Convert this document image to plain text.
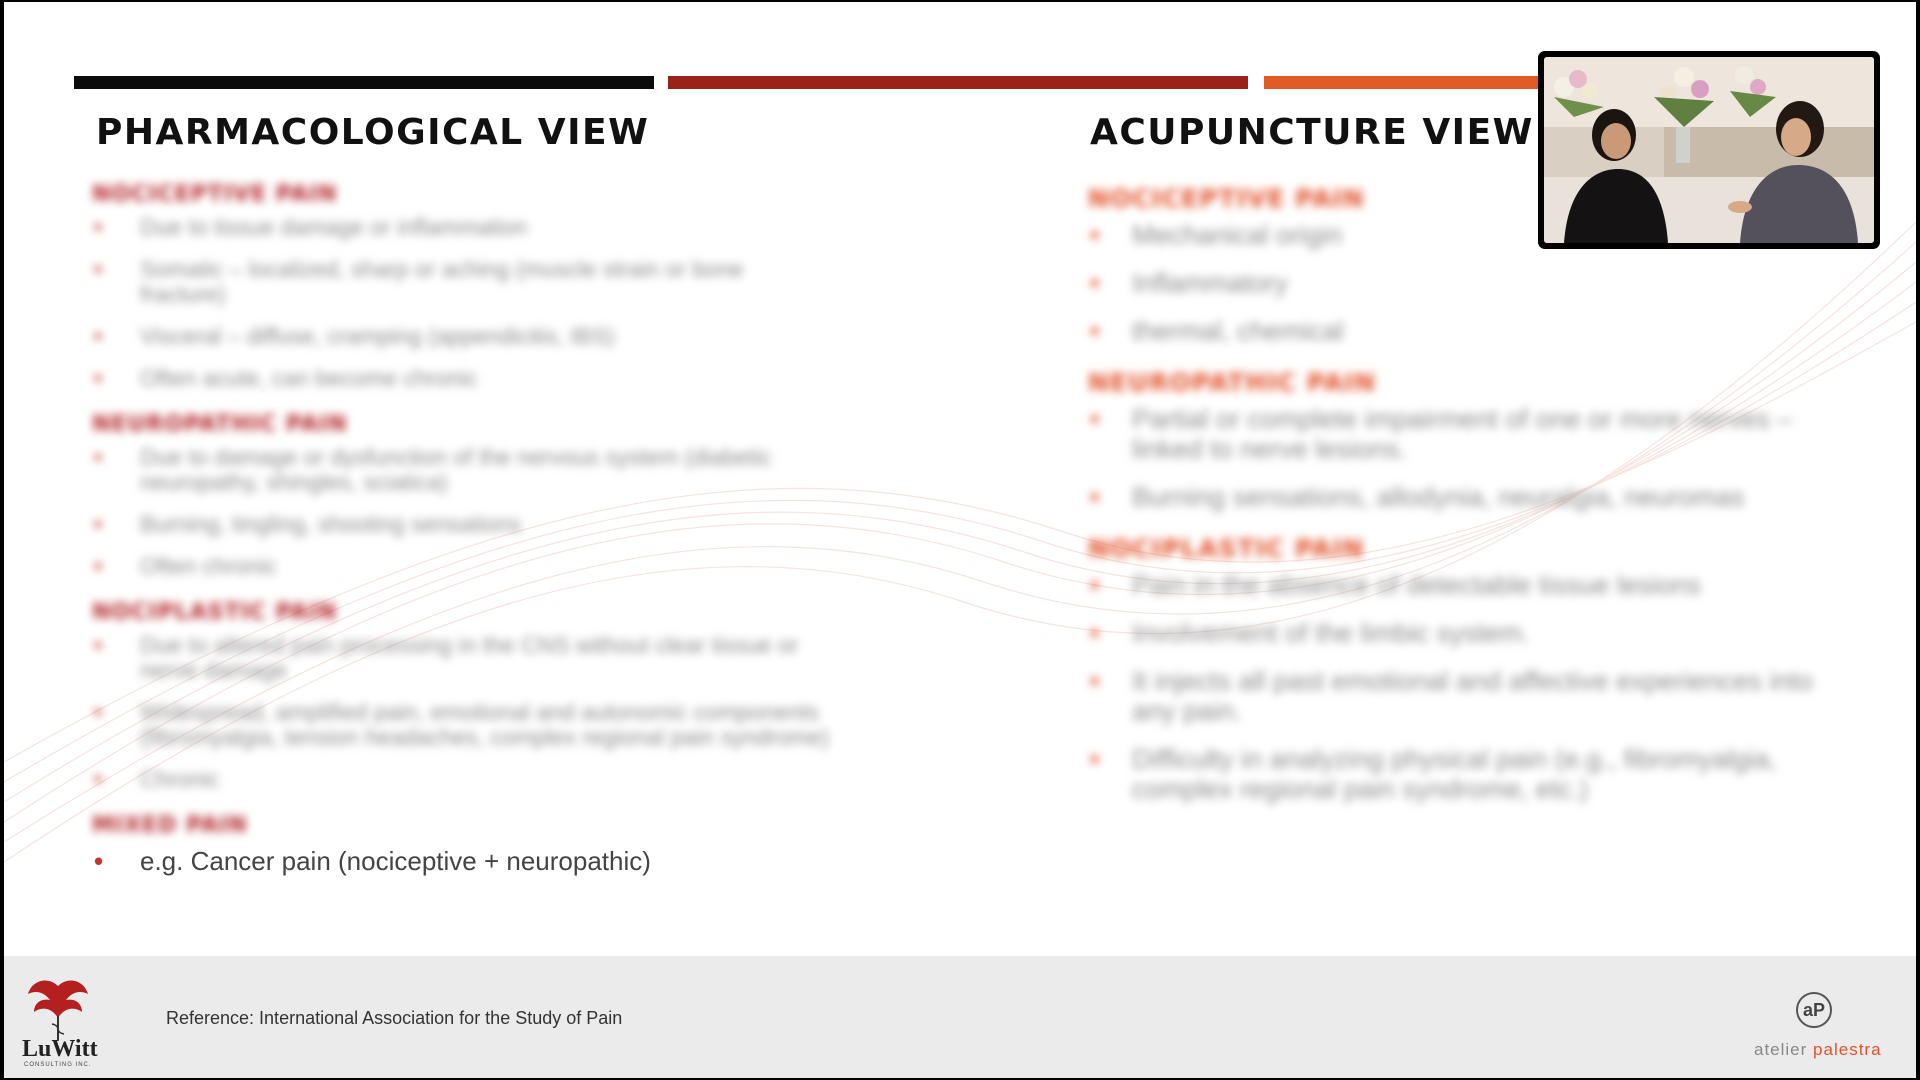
PHARMACOLOGICAL VIEW	ACUPUNCTURE VIEW

NOCICEPTIVE PAIN

• Due to tissue damage or inflammation
• Somatic – localized, sharp or aching (muscle strain or bone fracture)
• Visceral – diffuse, cramping (appendicitis, IBS)
• Often acute, can become chronic

NEUROPATHIC PAIN

• Due to damage or dysfunction of the nervous system (diabetic neuropathy, shingles, sciatica)
• Burning, tingling, shooting sensations
• Often chronic

NOCIPLASTIC PAIN

• Due to altered pain processing in the CNS without clear tissue or nerve damage
• Widespread, amplified pain, emotional and autonomic components (fibromyalgia, tension headaches, complex regional pain syndrome)
• Chronic

MIXED PAIN

• e.g. Cancer pain (nociceptive + neuropathic)

NOCICEPTIVE PAIN

• Mechanical origin
• Inflammatory
• thermal, chemical

NEUROPATHIC PAIN

• Partial or complete impairment of one or more nerves – linked to nerve lesions.
• Burning sensations, allodynia, neuralgia, neuromas

NOCIPLASTIC PAIN

• Pain in the absence of detectable tissue lesions
• Involvement of the limbic system.
• It injects all past emotional and affective experiences into any pain.
• Difficulty in analyzing physical pain (e.g., fibromyalgia, complex regional pain syndrome, etc.)
LuWitt
CONSULTING INC.
Reference: International Association for the Study of Pain	aP
atelier palestra
